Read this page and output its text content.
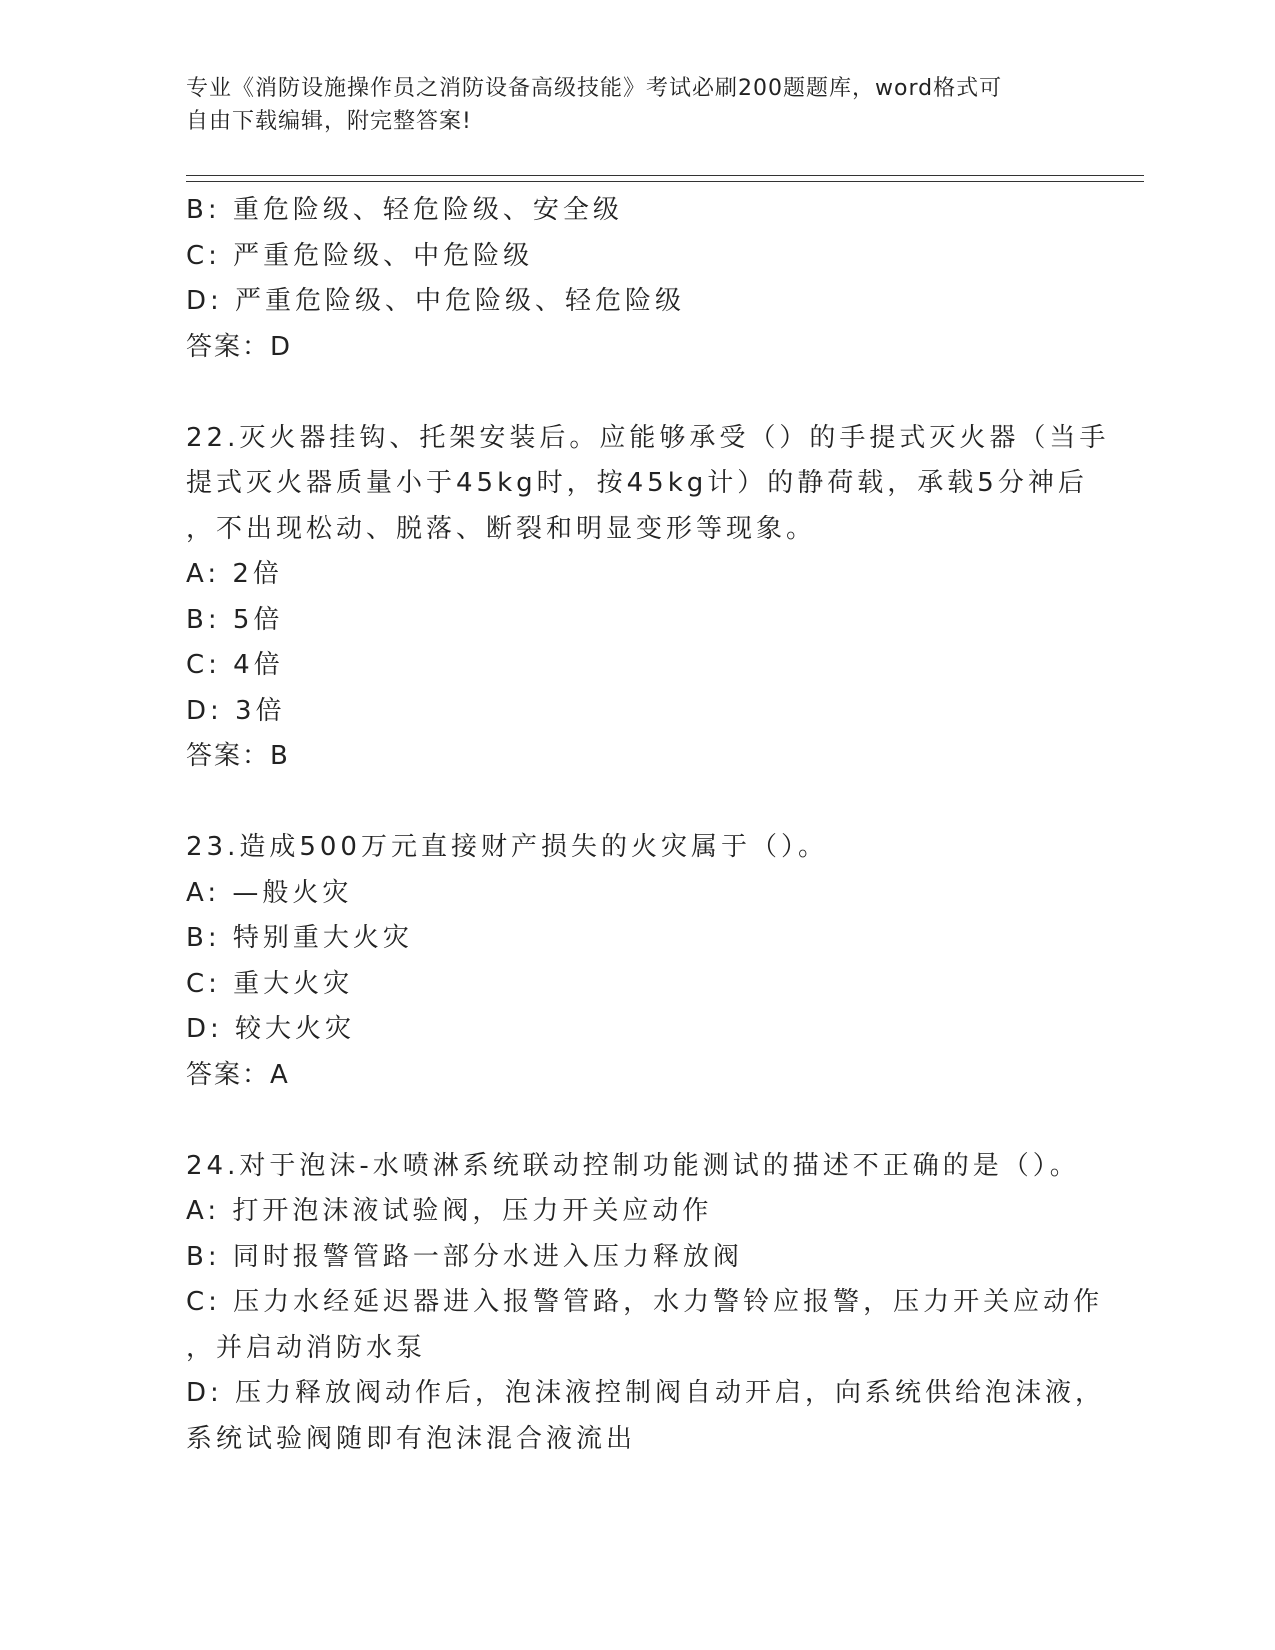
专业《消防设施操作员之消防设备高级技能》考试必刷200题题库，word格式可
自由下载编辑，附完整答案!
B: 重危险级、轻危险级、安全级
C: 严重危险级、中危险级
D: 严重危险级、中危险级、轻危险级
答案：D
22.灭火器挂钩、托架安装后。应能够承受（）的手提式灭火器（当手
提式灭火器质量小于45kg时，按45kg计）的静荷载，承载5分神后
，不出现松动、脱落、断裂和明显变形等现象。
A: 2倍
B: 5倍
C: 4倍
D: 3倍
答案：B
23.造成500万元直接财产损失的火灾属于（）。
A: —般火灾
B: 特别重大火灾
C: 重大火灾
D: 较大火灾
答案：A
24.对于泡沫-水喷淋系统联动控制功能测试的描述不正确的是（）。
A: 打开泡沫液试验阀，压力开关应动作
B: 同时报警管路一部分水进入压力释放阀
C: 压力水经延迟器进入报警管路，水力警铃应报警，压力开关应动作
，并启动消防水泵
D: 压力释放阀动作后，泡沫液控制阀自动开启，向系统供给泡沫液，
系统试验阀随即有泡沫混合液流出
